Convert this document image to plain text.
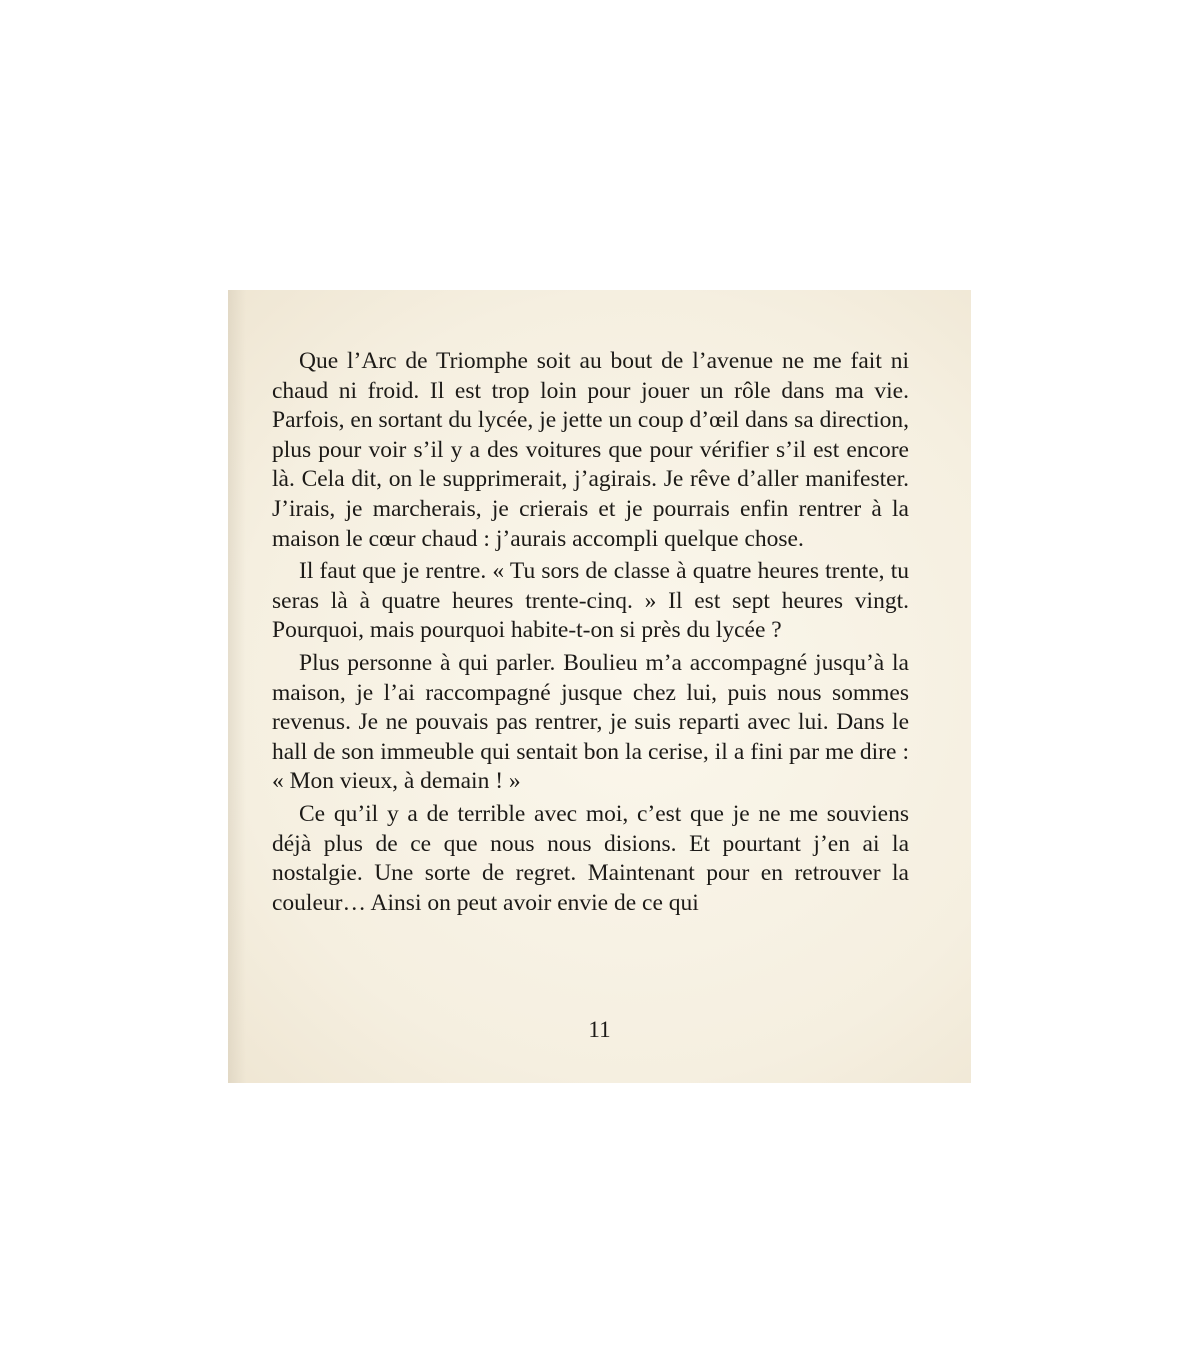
Que l’Arc de Triomphe soit au bout de l’avenue ne me fait ni chaud ni froid. Il est trop loin pour jouer un rôle dans ma vie. Parfois, en sortant du lycée, je jette un coup d’œil dans sa direction, plus pour voir s’il y a des voitures que pour vérifier s’il est encore là. Cela dit, on le supprimerait, j’agirais. Je rêve d’aller manifester. J’irais, je marcherais, je crierais et je pourrais enfin rentrer à la maison le cœur chaud : j’aurais accompli quelque chose.

Il faut que je rentre. « Tu sors de classe à quatre heures trente, tu seras là à quatre heures trente-cinq. » Il est sept heures vingt. Pourquoi, mais pourquoi habite-t-on si près du lycée ?

Plus personne à qui parler. Boulieu m’a accompagné jusqu’à la maison, je l’ai raccompagné jusque chez lui, puis nous sommes revenus. Je ne pouvais pas rentrer, je suis reparti avec lui. Dans le hall de son immeuble qui sentait bon la cerise, il a fini par me dire : « Mon vieux, à demain ! »

Ce qu’il y a de terrible avec moi, c’est que je ne me souviens déjà plus de ce que nous nous disions. Et pourtant j’en ai la nostalgie. Une sorte de regret. Maintenant pour en retrouver la couleur… Ainsi on peut avoir envie de ce qui

11
